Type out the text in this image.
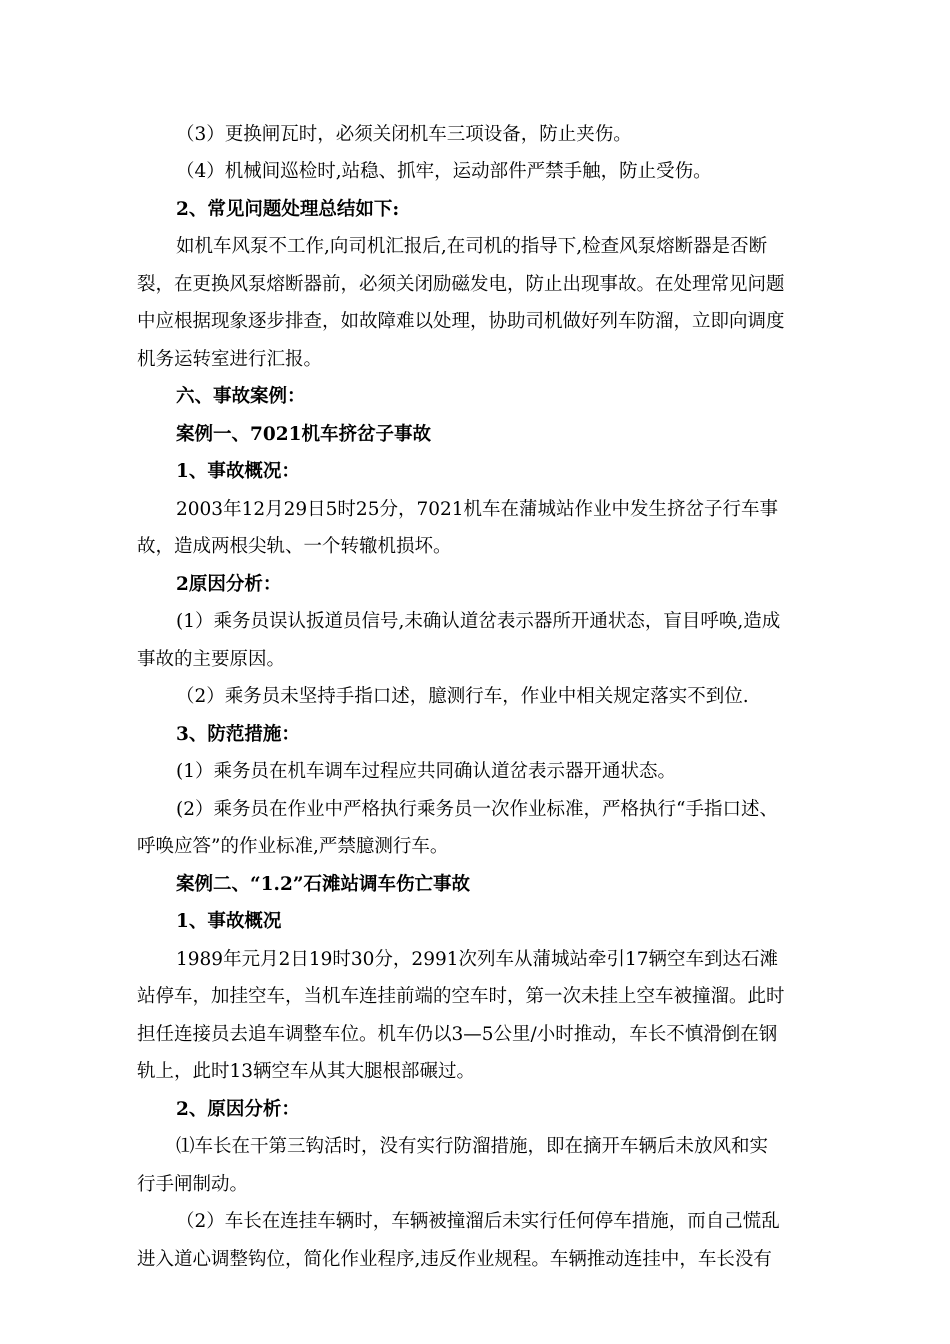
（3）更换闸瓦时，必须关闭机车三项设备，防止夹伤。

（4）机械间巡检时,站稳、抓牢，运动部件严禁手触，防止受伤。

2、常见问题处理总结如下:

如机车风泵不工作,向司机汇报后,在司机的指导下,检查风泵熔断器是否断

裂，在更换风泵熔断器前，必须关闭励磁发电，防止出现事故。在处理常见问题

中应根据现象逐步排查，如故障难以处理，协助司机做好列车防溜，立即向调度

机务运转室进行汇报。

六、事故案例：

案例一、7021机车挤岔子事故

1、事故概况：

2003年12月29日5时25分，7021机车在蒲城站作业中发生挤岔子行车事

故，造成两根尖轨、一个转辙机损坏。

2原因分析：

(1）乘务员误认扳道员信号,未确认道岔表示器所开通状态，盲目呼唤,造成

事故的主要原因。

（2）乘务员未坚持手指口述，臆测行车，作业中相关规定落实不到位.

3、防范措施：

(1）乘务员在机车调车过程应共同确认道岔表示器开通状态。

(2）乘务员在作业中严格执行乘务员一次作业标准，严格执行“手指口述、

呼唤应答”的作业标准,严禁臆测行车。

案例二、“1.2”石滩站调车伤亡事故

1、事故概况

1989年元月2日19时30分，2991次列车从蒲城站牵引17辆空车到达石滩

站停车，加挂空车，当机车连挂前端的空车时，第一次未挂上空车被撞溜。此时

担任连接员去追车调整车位。机车仍以3—5公里/小时推动，车长不慎滑倒在钢

轨上，此时13辆空车从其大腿根部碾过。

2、原因分析：

⑴车长在干第三钩活时，没有实行防溜措施，即在摘开车辆后未放风和实

行手闸制动。

（2）车长在连挂车辆时，车辆被撞溜后未实行任何停车措施，而自己慌乱

进入道心调整钩位，简化作业程序,违反作业规程。车辆推动连挂中，车长没有
